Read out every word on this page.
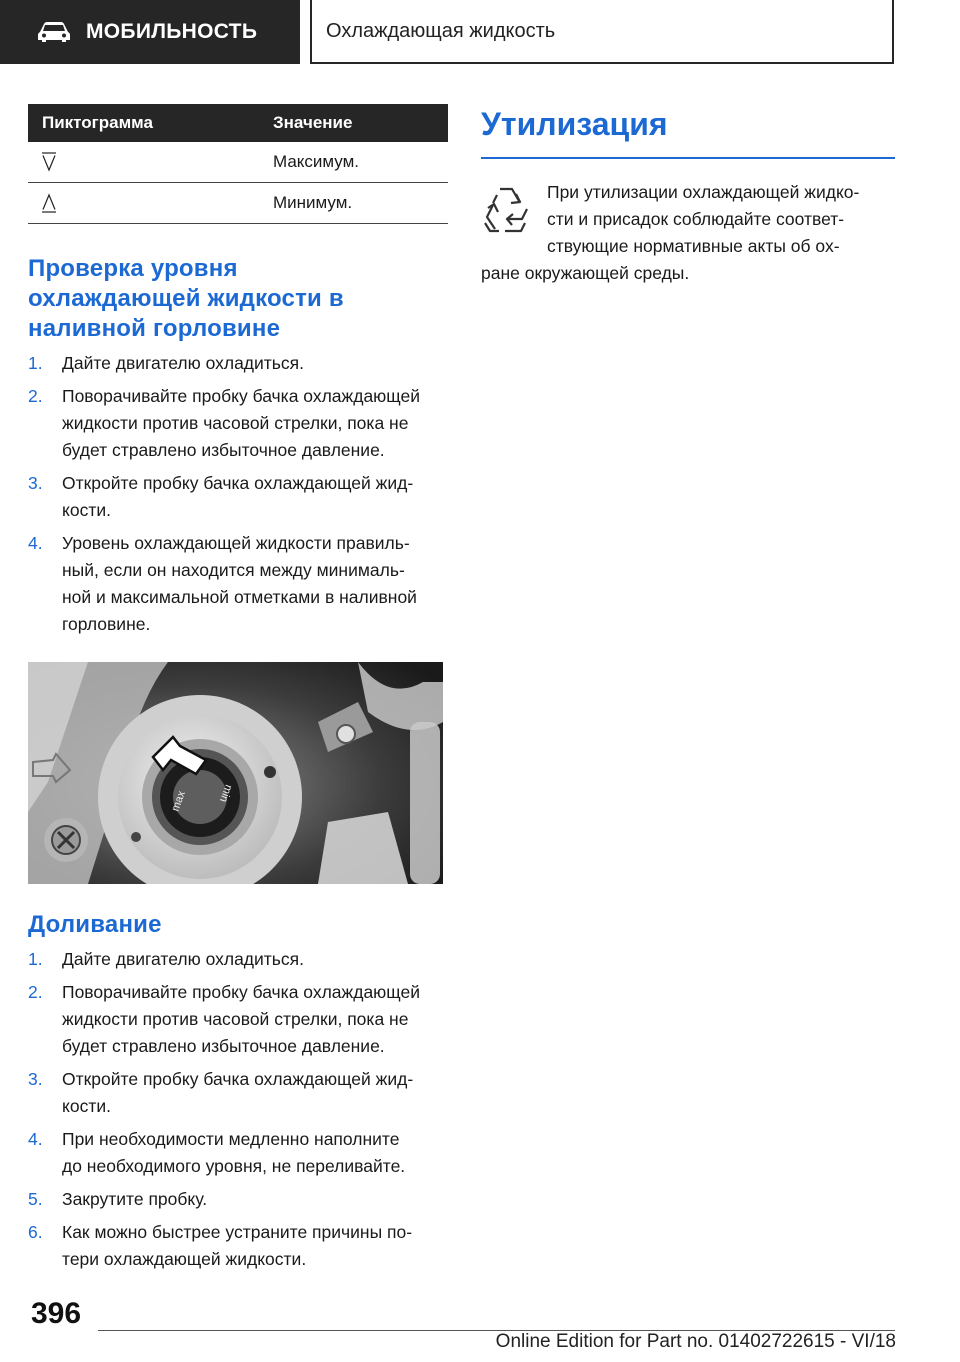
МОБИЛЬНОСТЬ	Охлаждающая жидкость
Пиктограмма	Значение

	Максимум.

	Минимум.
Проверка уровня
охлаждающей жидкости в
наливной горловине
1.	Дайте двигателю охладиться.
2.	Поворачивайте пробку бачка охлаждающей
жидкости против часовой стрелки, пока не
будет стравлено избыточное давление.
3.	Откройте пробку бачка охлаждающей жид‐
кости.
4.	Уровень охлаждающей жидкости правиль‐
ный, если он находится между минималь‐
ной и максимальной отметками в наливной
горловине.
max	min
Доливание
1.	Дайте двигателю охладиться.
2.	Поворачивайте пробку бачка охлаждающей
жидкости против часовой стрелки, пока не
будет стравлено избыточное давление.
3.	Откройте пробку бачка охлаждающей жид‐
кости.
4.	При необходимости медленно наполните
до необходимого уровня, не переливайте.
5.	Закрутите пробку.
6.	Как можно быстрее устраните причины по‐
тери охлаждающей жидкости.
Утилизация
При утилизации охлаждающей жидко‐
сти и присадок соблюдайте соответ‐
ствующие нормативные акты об ох‐
ране окружающей среды.
396
Online Edition for Part no. 01402722615 - VI/18
